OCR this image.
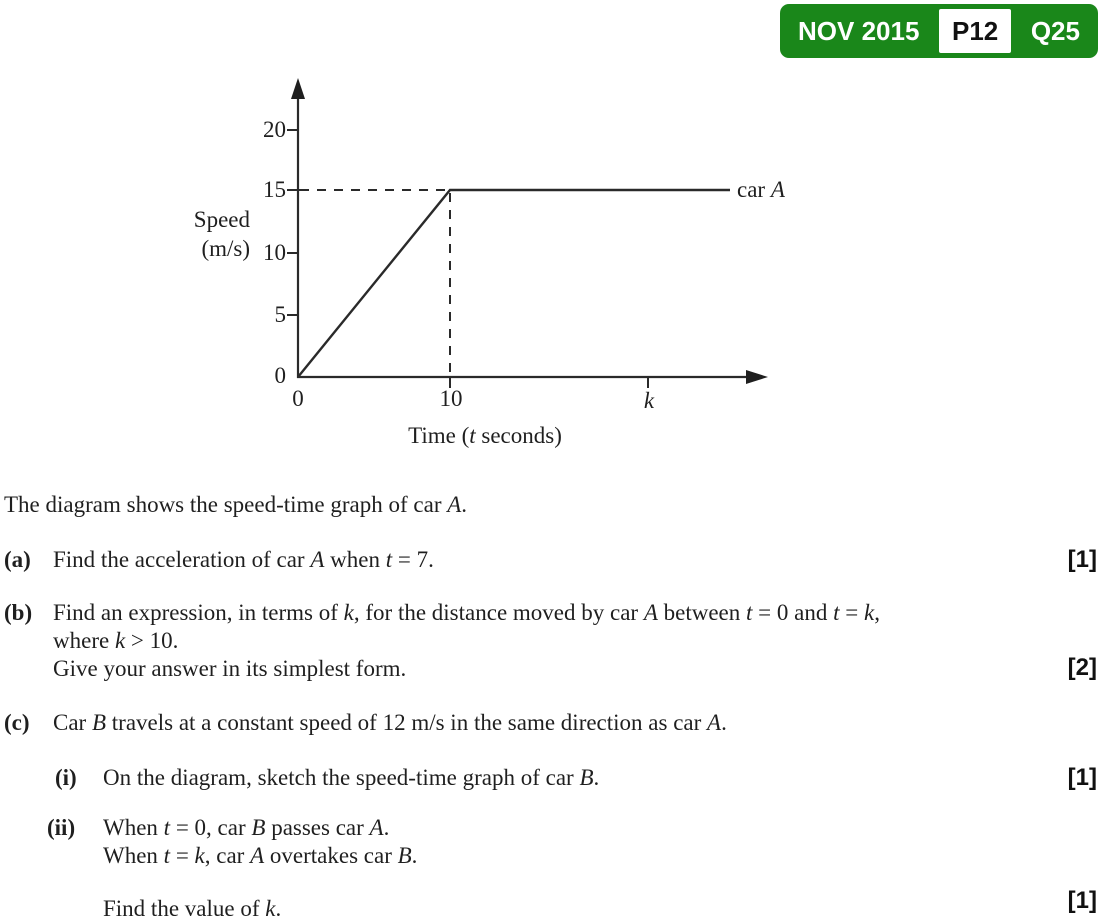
NOV 2015	P12	Q25
20
15
10
5
0
0	10	k
Speed
(m/s)
Time (t seconds)
car A
The diagram shows the speed-time graph of car A.
(a) Find the acceleration of car A when t = 7.	[1]
(b) Find an expression, in terms of k, for the distance moved by car A between t = 0 and t = k,
where k > 10.
Give your answer in its simplest form.	[2]
(c) Car B travels at a constant speed of 12 m/s in the same direction as car A.
(i) On the diagram, sketch the speed-time graph of car B.	[1]
(ii) When t = 0, car B passes car A.
When t = k, car A overtakes car B.
Find the value of k.	[1]
